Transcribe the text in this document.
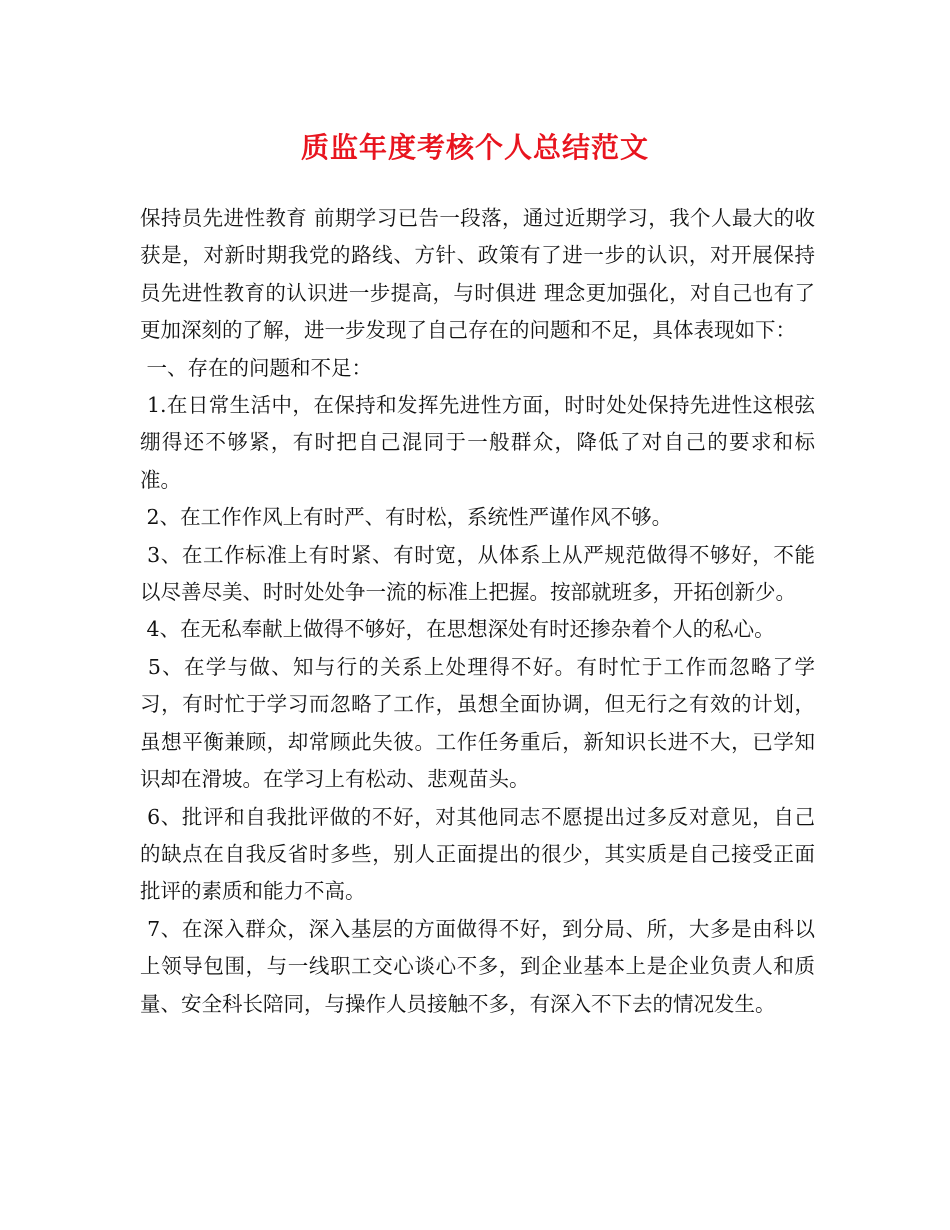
质监年度考核个人总结范文

保持员先进性教育 前期学习已告一段落，通过近期学习，我个人最大的收获是，对新时期我党的路线、方针、政策有了进一步的认识，对开展保持员先进性教育的认识进一步提高，与时俱进 理念更加强化，对自己也有了更加深刻的了解，进一步发现了自己存在的问题和不足，具体表现如下：

一、存在的问题和不足：

1.在日常生活中，在保持和发挥先进性方面，时时处处保持先进性这根弦绷得还不够紧，有时把自己混同于一般群众，降低了对自己的要求和标准。

2、在工作作风上有时严、有时松，系统性严谨作风不够。

3、在工作标准上有时紧、有时宽，从体系上从严规范做得不够好，不能以尽善尽美、时时处处争一流的标准上把握。按部就班多，开拓创新少。

4、在无私奉献上做得不够好，在思想深处有时还掺杂着个人的私心。

5、在学与做、知与行的关系上处理得不好。有时忙于工作而忽略了学习，有时忙于学习而忽略了工作，虽想全面协调，但无行之有效的计划，虽想平衡兼顾，却常顾此失彼。工作任务重后，新知识长进不大，已学知识却在滑坡。在学习上有松动、悲观苗头。

6、批评和自我批评做的不好，对其他同志不愿提出过多反对意见，自己的缺点在自我反省时多些，别人正面提出的很少，其实质是自己接受正面批评的素质和能力不高。

7、在深入群众，深入基层的方面做得不好，到分局、所，大多是由科以上领导包围，与一线职工交心谈心不多，到企业基本上是企业负责人和质量、安全科长陪同，与操作人员接触不多，有深入不下去的情况发生。
